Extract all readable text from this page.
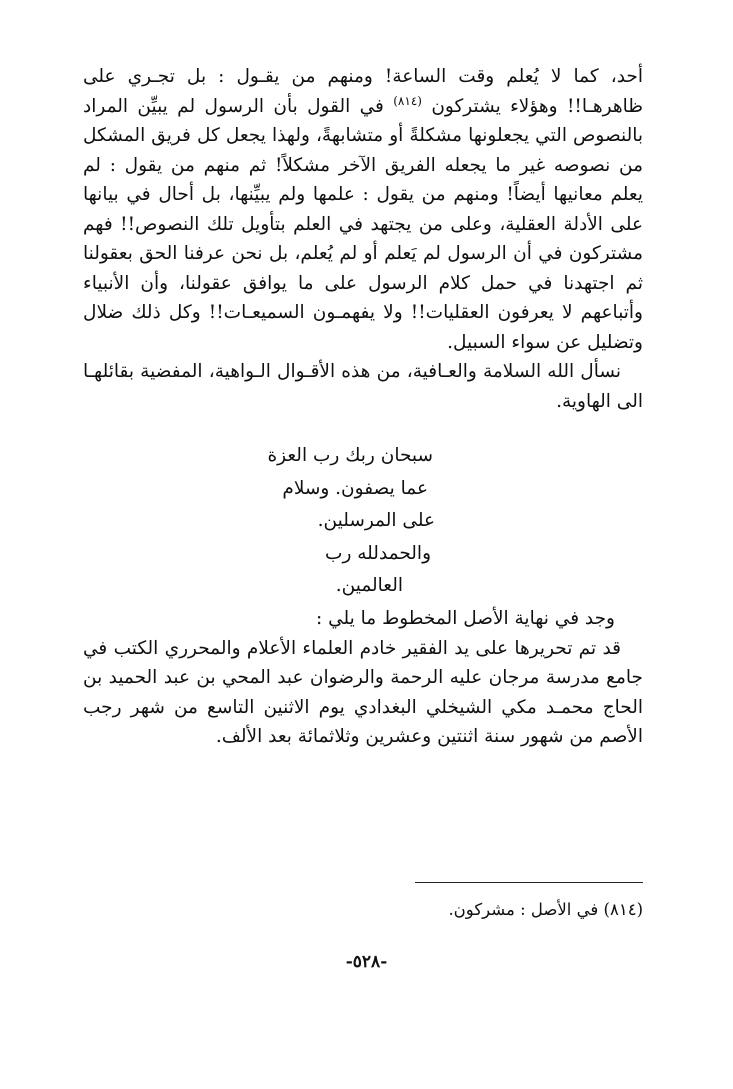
أحد، كما لا يُعلم وقت الساعة! ومنهم من يقـول : بل تجـري على ظاهرهـا!! وهؤلاء يشتركون $^{(٨١٤)}$ في القول بأن الرسول لم يبيِّن المراد بالنصوص التي يجعلونها مشكلةً أو متشابهةً، ولهذا يجعل كل فريق المشكل من نصوصه غير ما يجعله الفريق الآخر مشكلاً! ثم منهم من يقول : لم يعلم معانيها أيضاً! ومنهم من يقول : علمها ولم يبيِّنها، بل أحال في بيانها على الأدلة العقلية، وعلى من يجتهد في العلم بتأويل تلك النصوص!! فهم مشتركون في أن الرسول لم يَعلم أو لم يُعلم، بل نحن عرفنا الحق بعقولنا ثم اجتهدنا في حمل كلام الرسول على ما يوافق عقولنا، وأن الأنبياء وأتباعهم لا يعرفون العقليات!! ولا يفهمـون السميعـات!! وكل ذلك ضلال وتضليل عن سواء السبيل.

نسأل الله السلامة والعـافية، من هذه الأقـوال الـواهية، المفضية بقائلهـا الى الهاوية.

سبحان ربك رب العزة
عما يصفون. وسلام
على المرسلين.
والحمدلله رب
العالمين.

وجد في نهاية الأصل المخطوط ما يلي :

قد تم تحريرها على يد الفقير خادم العلماء الأعلام والمحرري الكتب في جامع مدرسة مرجان عليه الرحمة والرضوان عبد المحي بن عبد الحميد بن الحاج محمـد مكي الشيخلي البغدادي يوم الاثنين التاسع من شهر رجب الأصم من شهور سنة اثنتين وعشرين وثلاثمائة بعد الألف.

(٨١٤) في الأصل : مشركون.

-٥٢٨-
